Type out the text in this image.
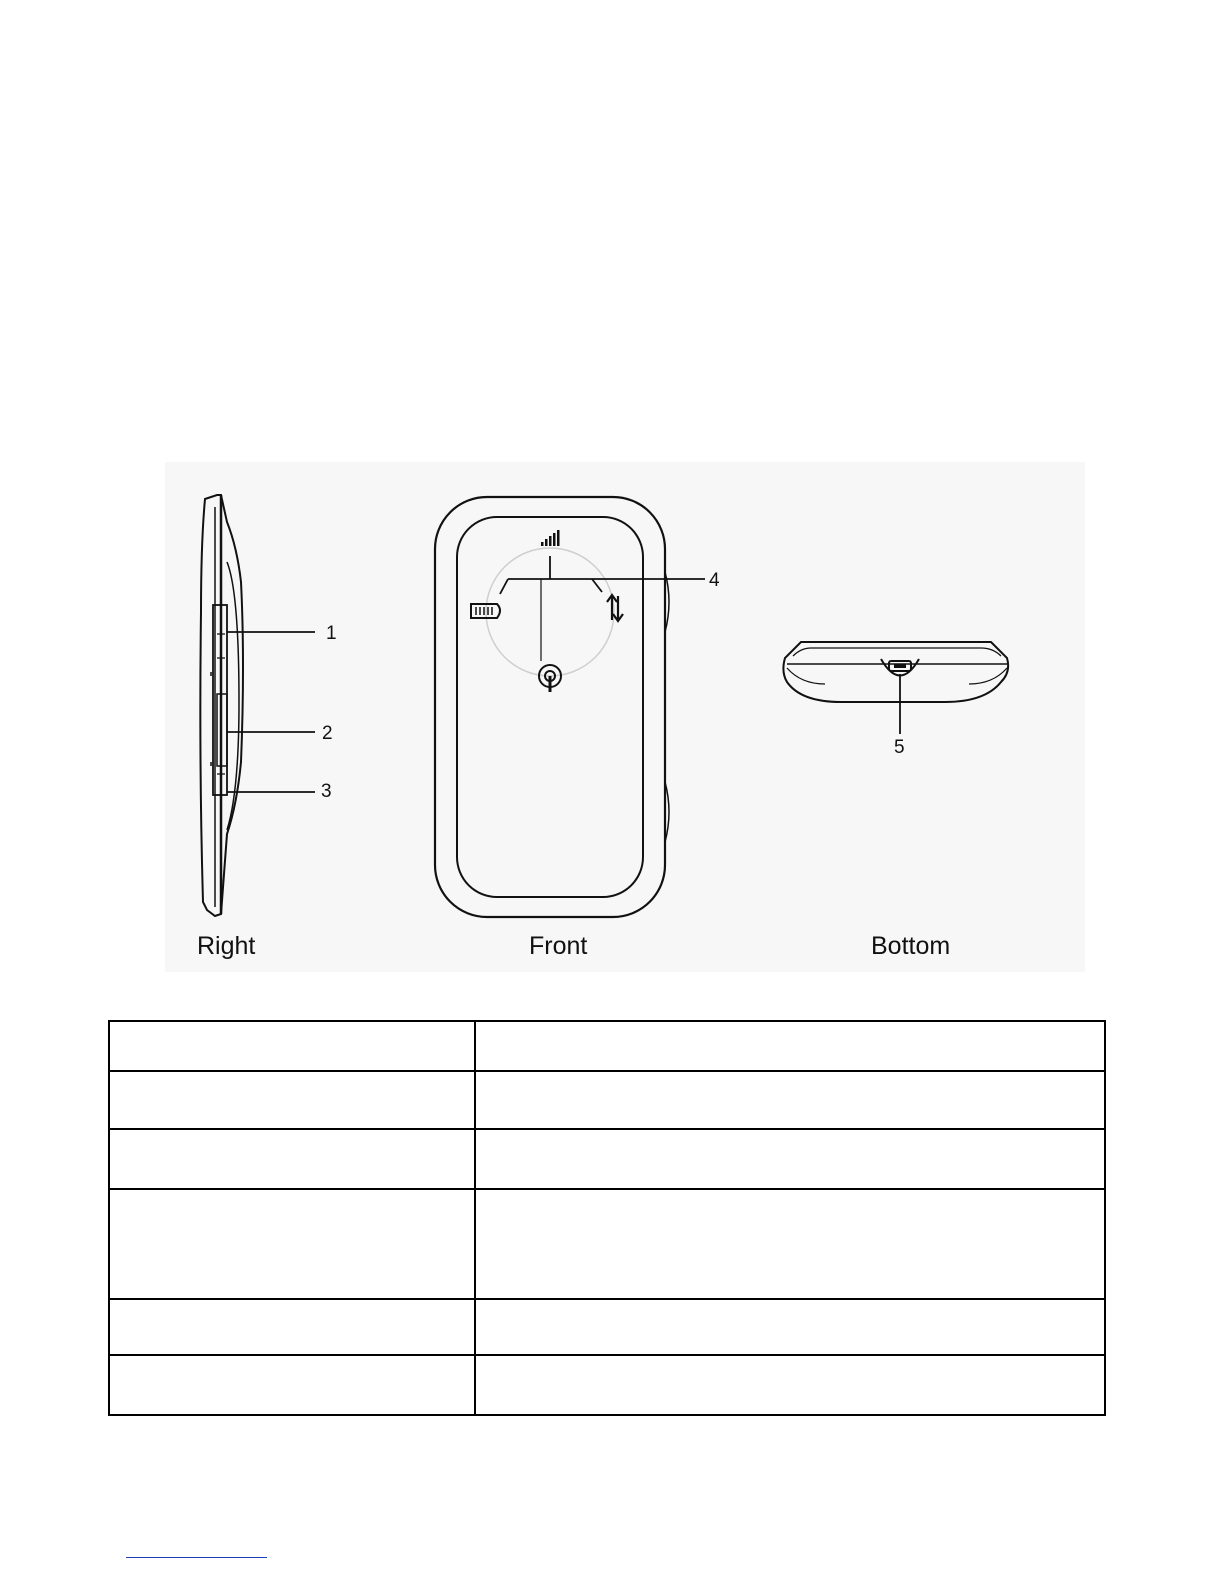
1
2
3
4
5
Right	Front	Bottom
